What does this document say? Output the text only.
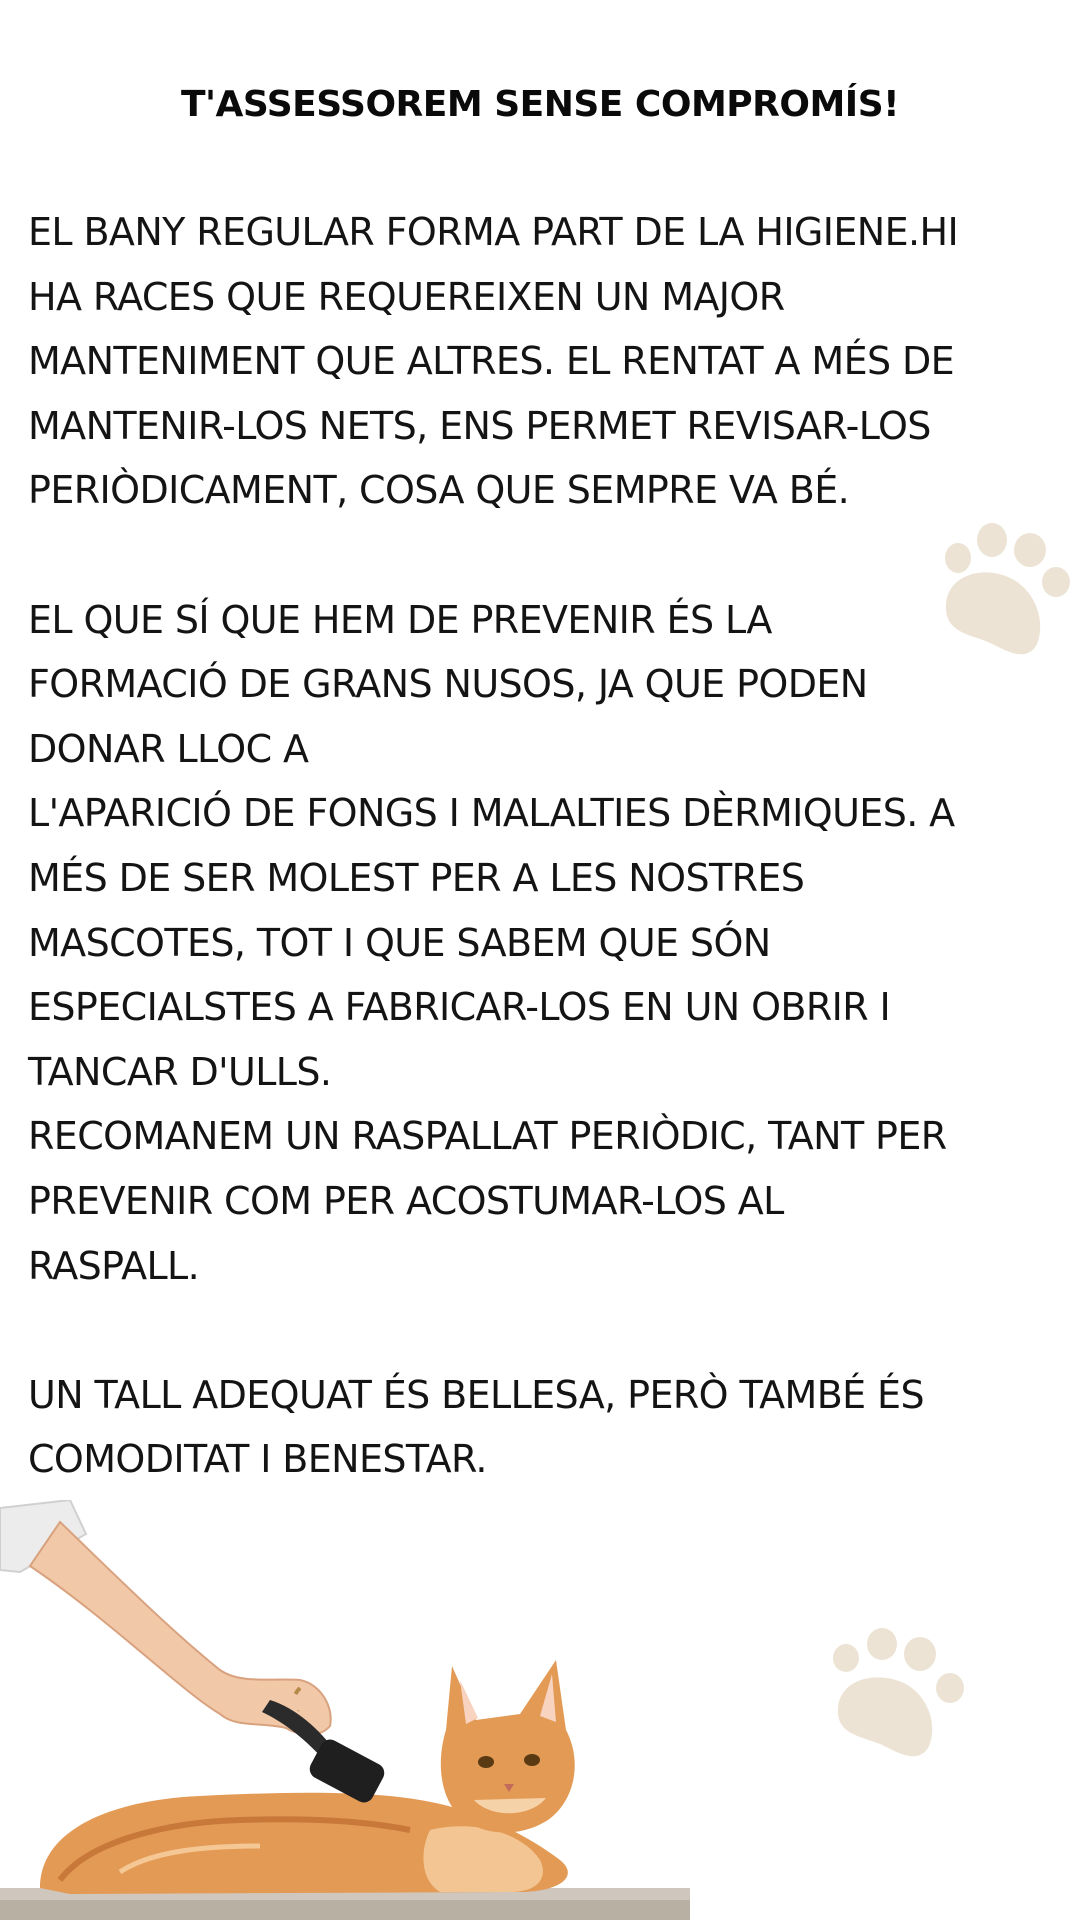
T'ASSESSOREM SENSE COMPROMÍS!

EL BANY REGULAR FORMA PART DE LA HIGIENE.HI
HA RACES QUE REQUEREIXEN UN MAJOR
MANTENIMENT QUE ALTRES. EL RENTAT A MÉS DE
MANTENIR-LOS NETS, ENS PERMET REVISAR-LOS
PERIÒDICAMENT, COSA QUE SEMPRE VA BÉ.

EL QUE SÍ QUE HEM DE PREVENIR ÉS LA
FORMACIÓ DE GRANS NUSOS, JA QUE PODEN
DONAR LLOC A
L'APARICIÓ DE FONGS I MALALTIES DÈRMIQUES. A
MÉS DE SER MOLEST PER A LES NOSTRES
MASCOTES, TOT I QUE SABEM QUE SÓN
ESPECIALSTES A FABRICAR-LOS EN UN OBRIR I
TANCAR D'ULLS.
RECOMANEM UN RASPALLAT PERIÒDIC, TANT PER
PREVENIR COM PER ACOSTUMAR-LOS AL
RASPALL.

UN TALL ADEQUAT ÉS BELLESA, PERÒ TAMBÉ ÉS
COMODITAT I BENESTAR.
